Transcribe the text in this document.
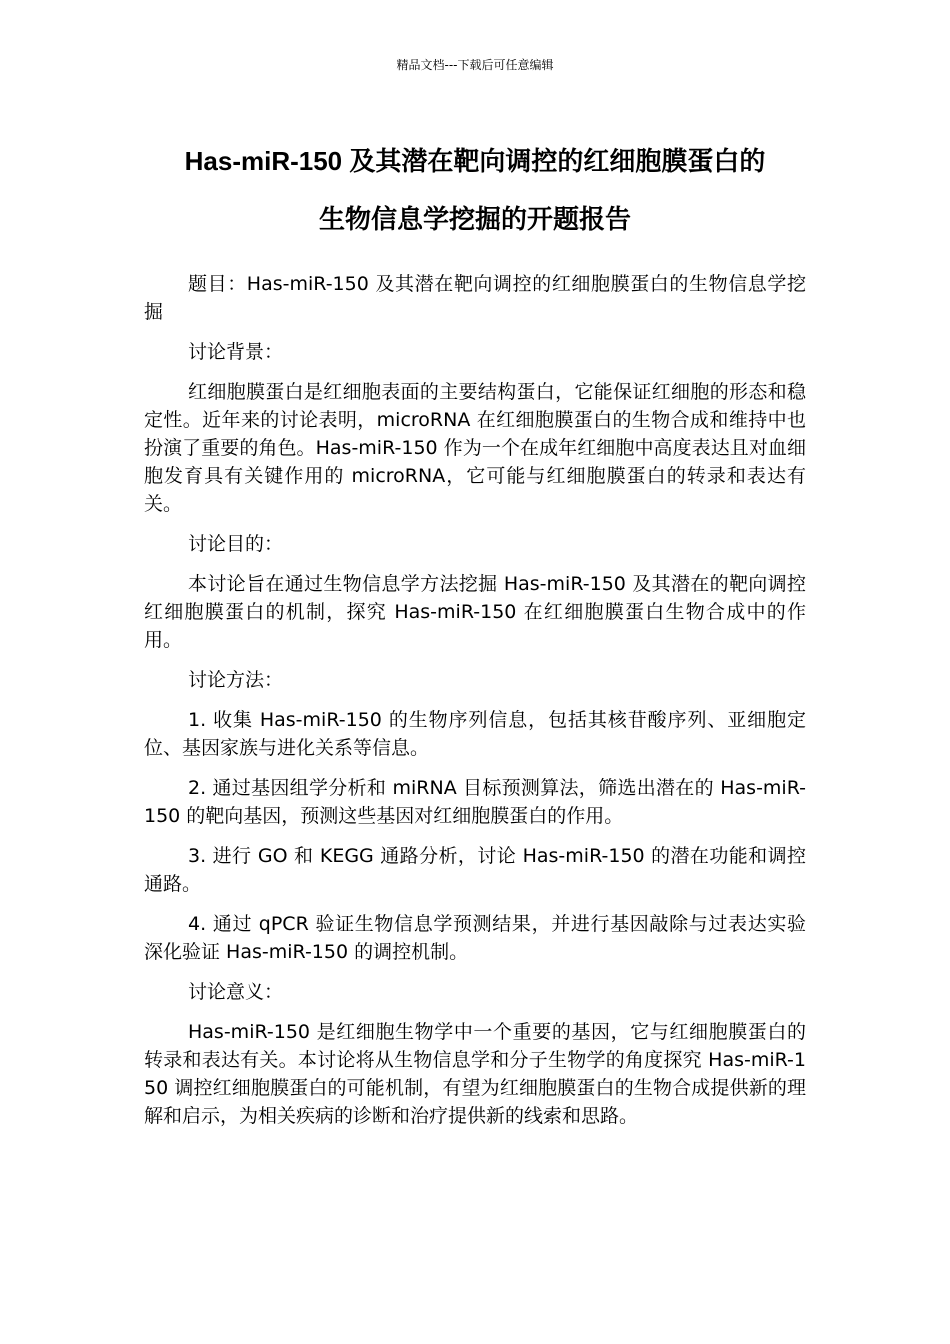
精品文档---下载后可任意编辑
Has-miR-150 及其潜在靶向调控的红细胞膜蛋白的
生物信息学挖掘的开题报告

题目：Has-miR-150 及其潜在靶向调控的红细胞膜蛋白的生物信息学挖掘

讨论背景：

红细胞膜蛋白是红细胞表面的主要结构蛋白，它能保证红细胞的形态和稳定性。近年来的讨论表明，microRNA 在红细胞膜蛋白的生物合成和维持中也扮演了重要的角色。Has-miR-150 作为一个在成年红细胞中高度表达且对血细胞发育具有关键作用的 microRNA，它可能与红细胞膜蛋白的转录和表达有关。

讨论目的：

本讨论旨在通过生物信息学方法挖掘 Has-miR-150 及其潜在的靶向调控红细胞膜蛋白的机制，探究 Has-miR-150 在红细胞膜蛋白生物合成中的作用。

讨论方法：

1. 收集 Has-miR-150 的生物序列信息，包括其核苷酸序列、亚细胞定位、基因家族与进化关系等信息。

2. 通过基因组学分析和 miRNA 目标预测算法，筛选出潜在的 Has-miR-150 的靶向基因，预测这些基因对红细胞膜蛋白的作用。

3. 进行 GO 和 KEGG 通路分析，讨论 Has-miR-150 的潜在功能和调控通路。

4. 通过 qPCR 验证生物信息学预测结果，并进行基因敲除与过表达实验深化验证 Has-miR-150 的调控机制。

讨论意义：

Has-miR-150 是红细胞生物学中一个重要的基因，它与红细胞膜蛋白的转录和表达有关。本讨论将从生物信息学和分子生物学的角度探究 Has-miR-150 调控红细胞膜蛋白的可能机制，有望为红细胞膜蛋白的生物合成提供新的理解和启示，为相关疾病的诊断和治疗提供新的线索和思路。
